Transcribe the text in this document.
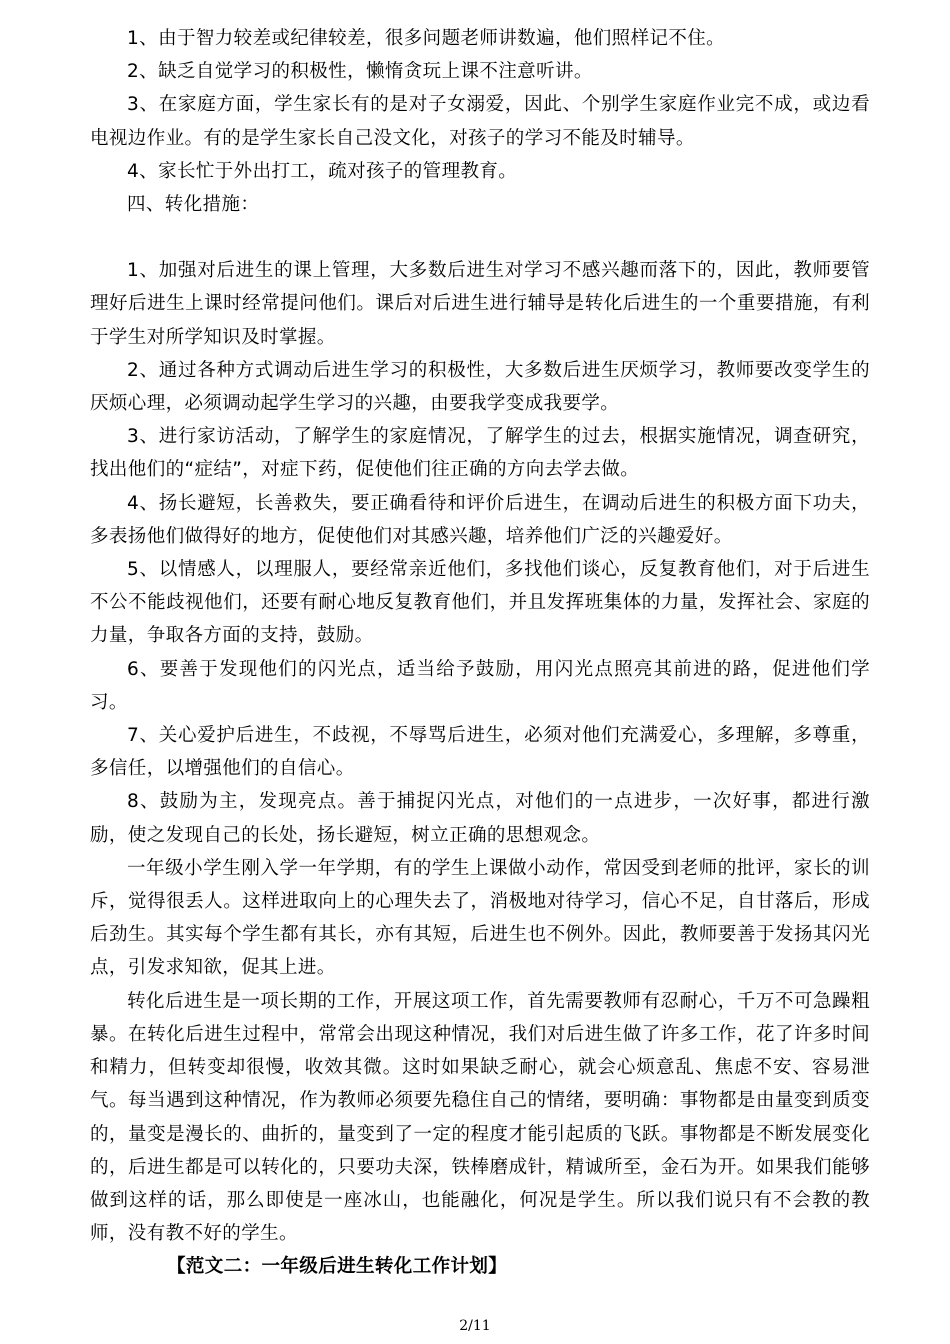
1、由于智力较差或纪律较差，很多问题老师讲数遍，他们照样记不住。

2、缺乏自觉学习的积极性，懒惰贪玩上课不注意听讲。

3、在家庭方面，学生家长有的是对子女溺爱，因此、个别学生家庭作业完不成，或边看电视边作业。有的是学生家长自己没文化，对孩子的学习不能及时辅导。

4、家长忙于外出打工，疏对孩子的管理教育。

四、转化措施：

1、加强对后进生的课上管理，大多数后进生对学习不感兴趣而落下的，因此，教师要管理好后进生上课时经常提问他们。课后对后进生进行辅导是转化后进生的一个重要措施，有利于学生对所学知识及时掌握。

2、通过各种方式调动后进生学习的积极性，大多数后进生厌烦学习，教师要改变学生的厌烦心理，必须调动起学生学习的兴趣，由要我学变成我要学。

3、进行家访活动，了解学生的家庭情况，了解学生的过去，根据实施情况，调查研究，找出他们的“症结”，对症下药，促使他们往正确的方向去学去做。

4、扬长避短，长善救失，要正确看待和评价后进生，在调动后进生的积极方面下功夫，多表扬他们做得好的地方，促使他们对其感兴趣，培养他们广泛的兴趣爱好。

5、以情感人，以理服人，要经常亲近他们，多找他们谈心，反复教育他们，对于后进生不公不能歧视他们，还要有耐心地反复教育他们，并且发挥班集体的力量，发挥社会、家庭的力量，争取各方面的支持，鼓励。

6、要善于发现他们的闪光点，适当给予鼓励，用闪光点照亮其前进的路，促进他们学习。

7、关心爱护后进生，不歧视，不辱骂后进生，必须对他们充满爱心，多理解，多尊重，多信任，以增强他们的自信心。

8、鼓励为主，发现亮点。善于捕捉闪光点，对他们的一点进步，一次好事，都进行激励，使之发现自己的长处，扬长避短，树立正确的思想观念。

一年级小学生刚入学一年学期，有的学生上课做小动作，常因受到老师的批评，家长的训斥，觉得很丢人。这样进取向上的心理失去了，消极地对待学习，信心不足，自甘落后，形成后劲生。其实每个学生都有其长，亦有其短，后进生也不例外。因此，教师要善于发扬其闪光点，引发求知欲，促其上进。

转化后进生是一项长期的工作，开展这项工作，首先需要教师有忍耐心，千万不可急躁粗暴。在转化后进生过程中，常常会出现这种情况，我们对后进生做了许多工作，花了许多时间和精力，但转变却很慢，收效其微。这时如果缺乏耐心，就会心烦意乱、焦虑不安、容易泄气。每当遇到这种情况，作为教师必须要先稳住自己的情绪，要明确：事物都是由量变到质变的，量变是漫长的、曲折的，量变到了一定的程度才能引起质的飞跃。事物都是不断发展变化的，后进生都是可以转化的，只要功夫深，铁棒磨成针，精诚所至，金石为开。如果我们能够做到这样的话，那么即使是一座冰山，也能融化，何况是学生。所以我们说只有不会教的教师，没有教不好的学生。

【范文二：一年级后进生转化工作计划】

2/11
